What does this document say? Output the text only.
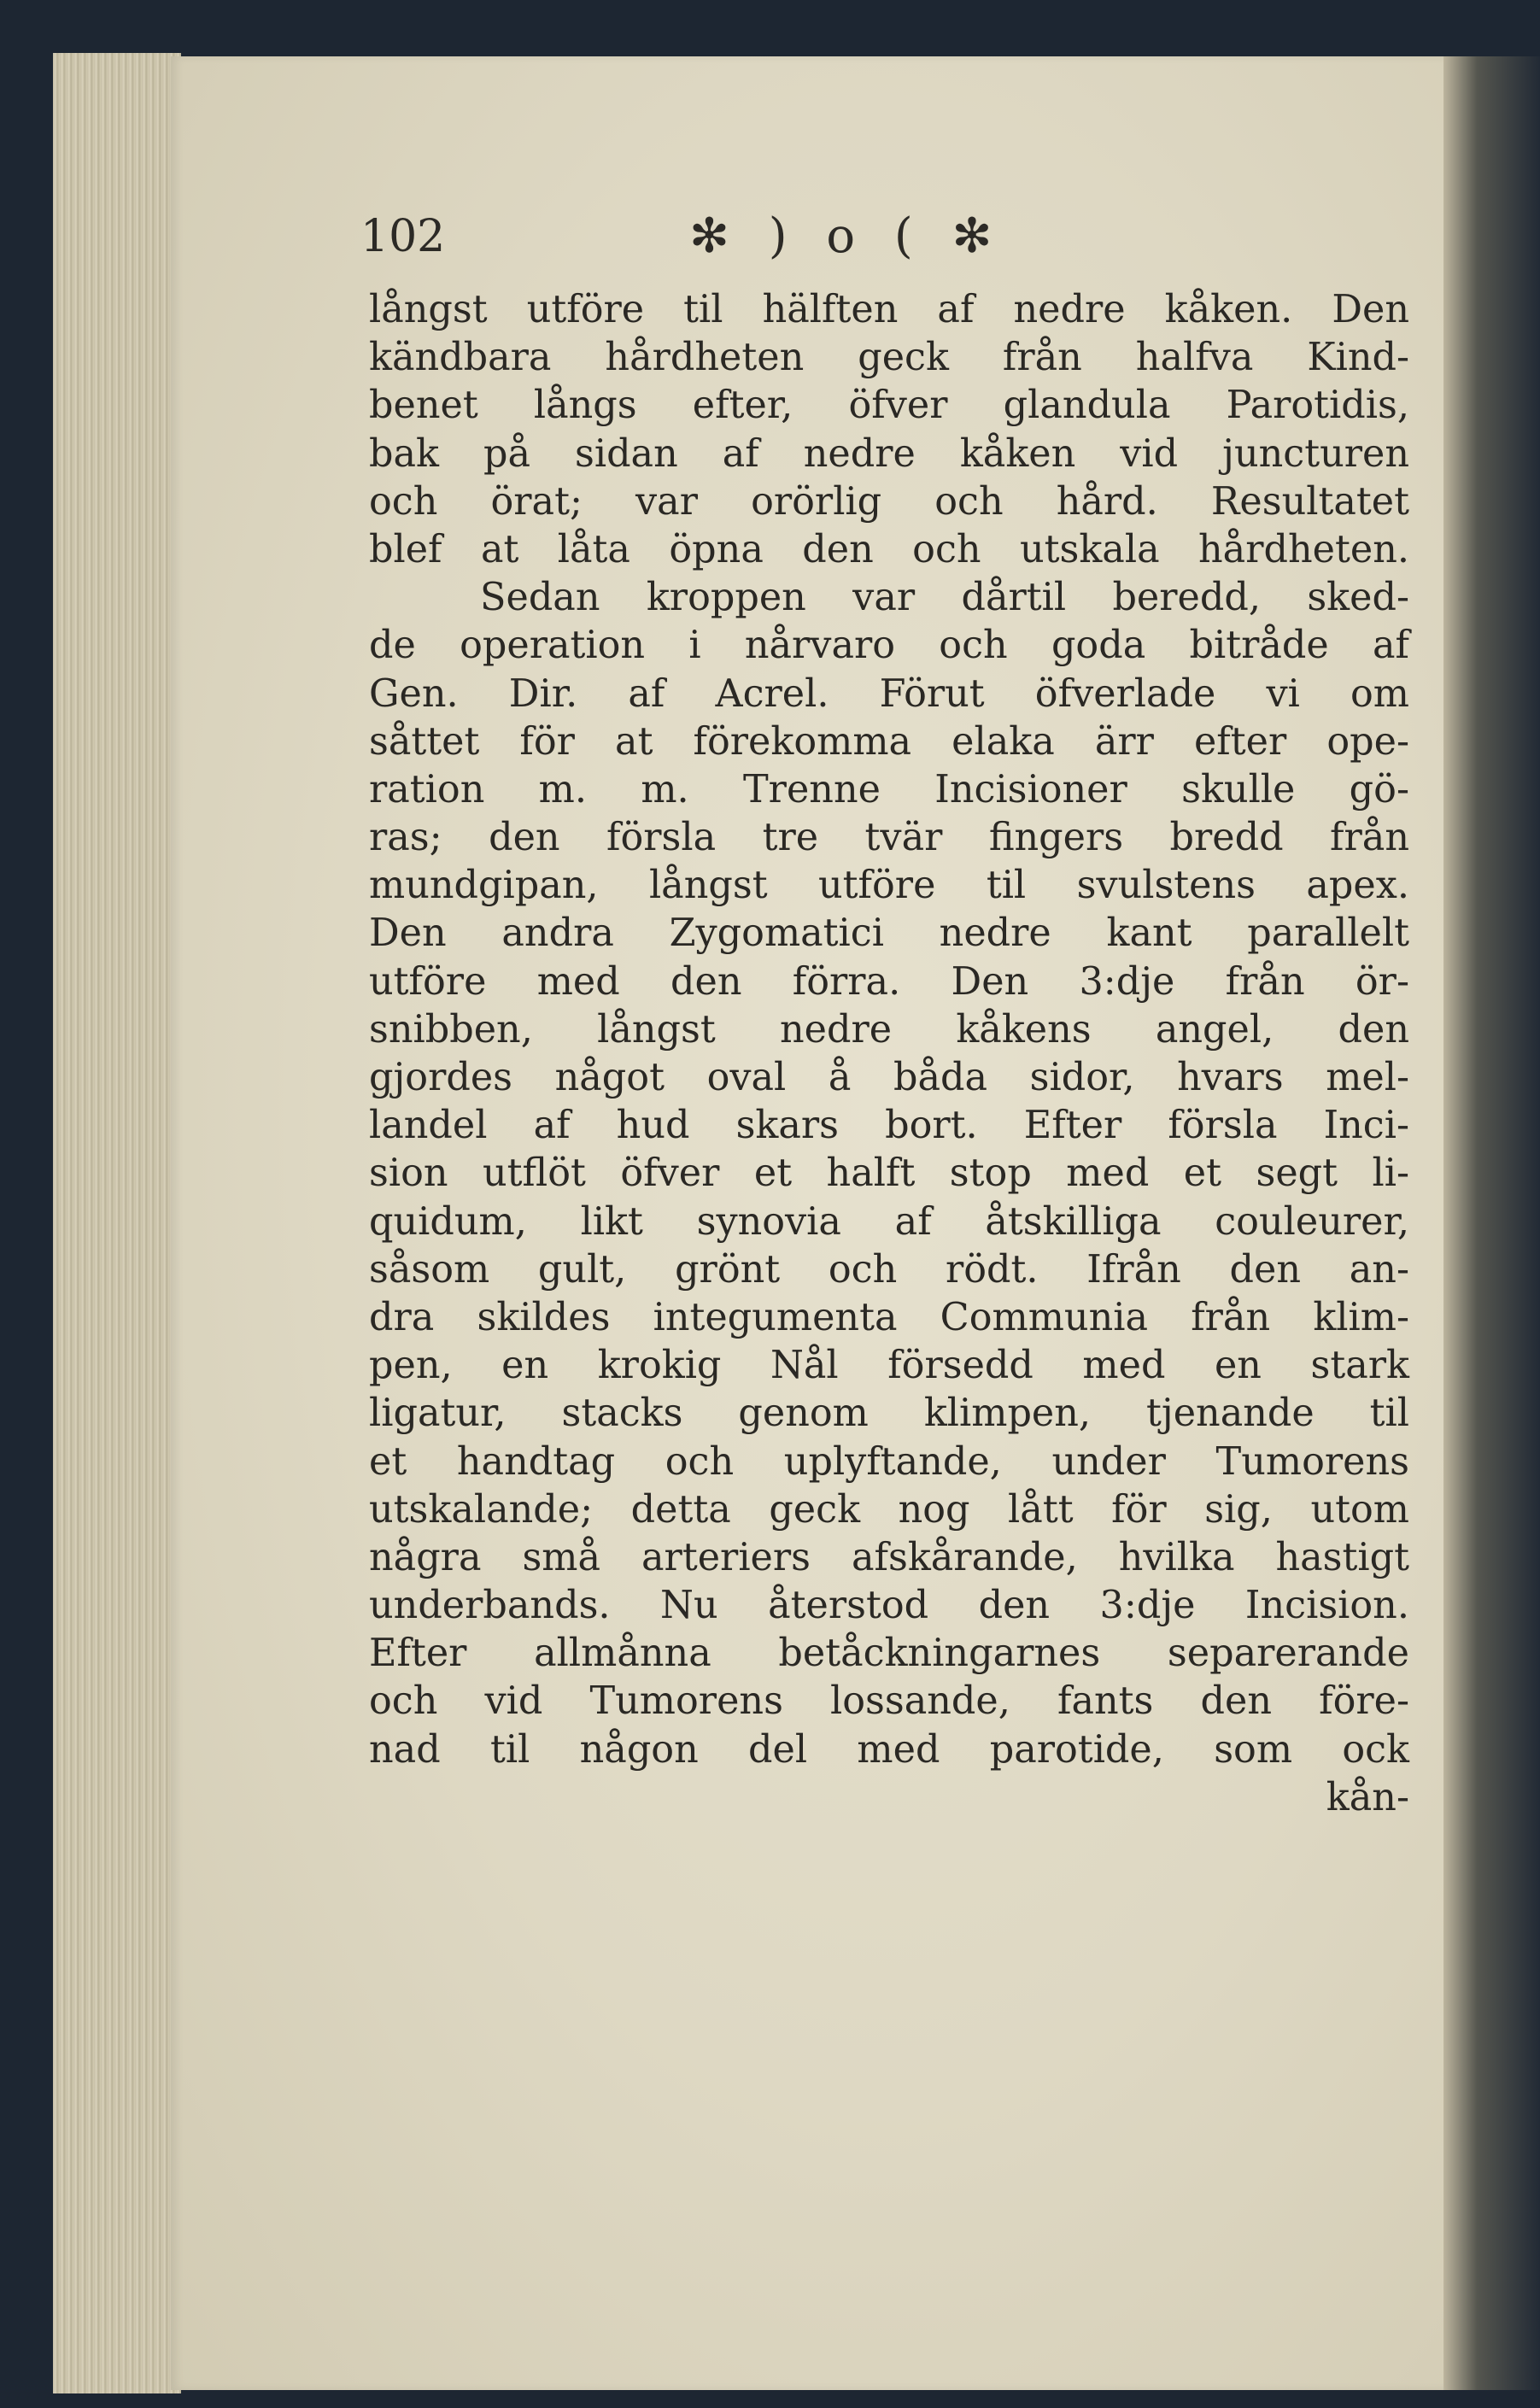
102	✻ ) o ( ✻
långst utföre til hälften af nedre kåken. Den
kändbara hårdheten geck från halfva Kind-
benet långs efter, öfver glandula Parotidis,
bak på sidan af nedre kåken vid juncturen
och örat; var orörlig och hård. Resultatet
blef at låta öpna den och utskala hårdheten.
Sedan kroppen var dårtil beredd, sked-
de operation i nårvaro och goda bitråde af
Gen. Dir. af Acrel. Förut öfverlade vi om
såttet för at förekomma elaka ärr efter ope-
ration m. m. Trenne Incisioner skulle gö-
ras; den försla tre tvär fingers bredd från
mundgipan, långst utföre til svulstens apex.
Den andra Zygomatici nedre kant parallelt
utföre med den förra. Den 3:dje från ör-
snibben, långst nedre kåkens angel, den
gjordes något oval å båda sidor, hvars mel-
landel af hud skars bort. Efter försla Inci-
sion utflöt öfver et halft stop med et segt li-
quidum, likt synovia af åtskilliga couleurer,
såsom gult, grönt och rödt. Ifrån den an-
dra skildes integumenta Communia från klim-
pen, en krokig Nål försedd med en stark
ligatur, stacks genom klimpen, tjenande til
et handtag och uplyftande, under Tumorens
utskalande; detta geck nog lått för sig, utom
några små arteriers afskårande, hvilka hastigt
underbands. Nu återstod den 3:dje Incision.
Efter allmånna betåckningarnes separerande
och vid Tumorens lossande, fants den före-
nad til någon del med parotide, som ock
kån-
